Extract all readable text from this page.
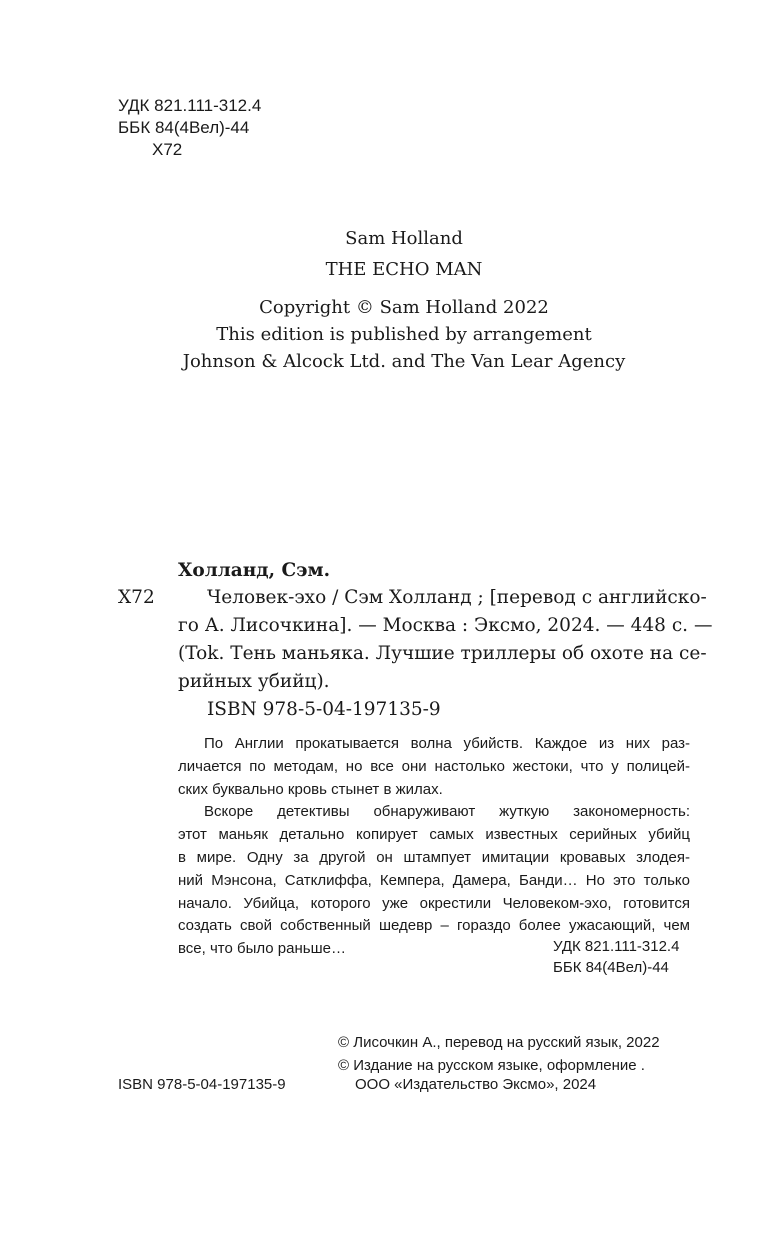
УДК 821.111-312.4
ББК 84(4Вел)-44
Х72
Sam Holland
THE ECHO MAN
Copyright © Sam Holland 2022
This edition is published by arrangement
Johnson & Alcock Ltd. and The Van Lear Agency
Холланд, Сэм.
Х72	Человек-эхо / Сэм Холланд ; [перевод с английско-
го А. Лисочкина]. — Москва : Эксмо, 2024. — 448 с. —
(Tok. Тень маньяка. Лучшие триллеры об охоте на се-
рийных убийц).
ISBN 978-5-04-197135-9
По Англии прокатывается волна убийств. Каждое из них раз-
личается по методам, но все они настолько жестоки, что у полицей-
ских буквально кровь стынет в жилах.
Вскоре детективы обнаруживают жуткую закономерность:
этот маньяк детально копирует самых известных серийных убийц
в мире. Одну за другой он штампует имитации кровавых злодея-
ний Мэнсона, Сатклиффа, Кемпера, Дамера, Банди… Но это только
начало. Убийца, которого уже окрестили Человеком-эхо, готовится
создать свой собственный шедевр – гораздо более ужасающий, чем
все, что было раньше…	УДК 821.111-312.4
ББК 84(4Вел)-44
© Лисочкин А., перевод на русский язык, 2022
© Издание на русском языке, оформление .
ISBN 978-5-04-197135-9	ООО «Издательство Эксмо», 2024
